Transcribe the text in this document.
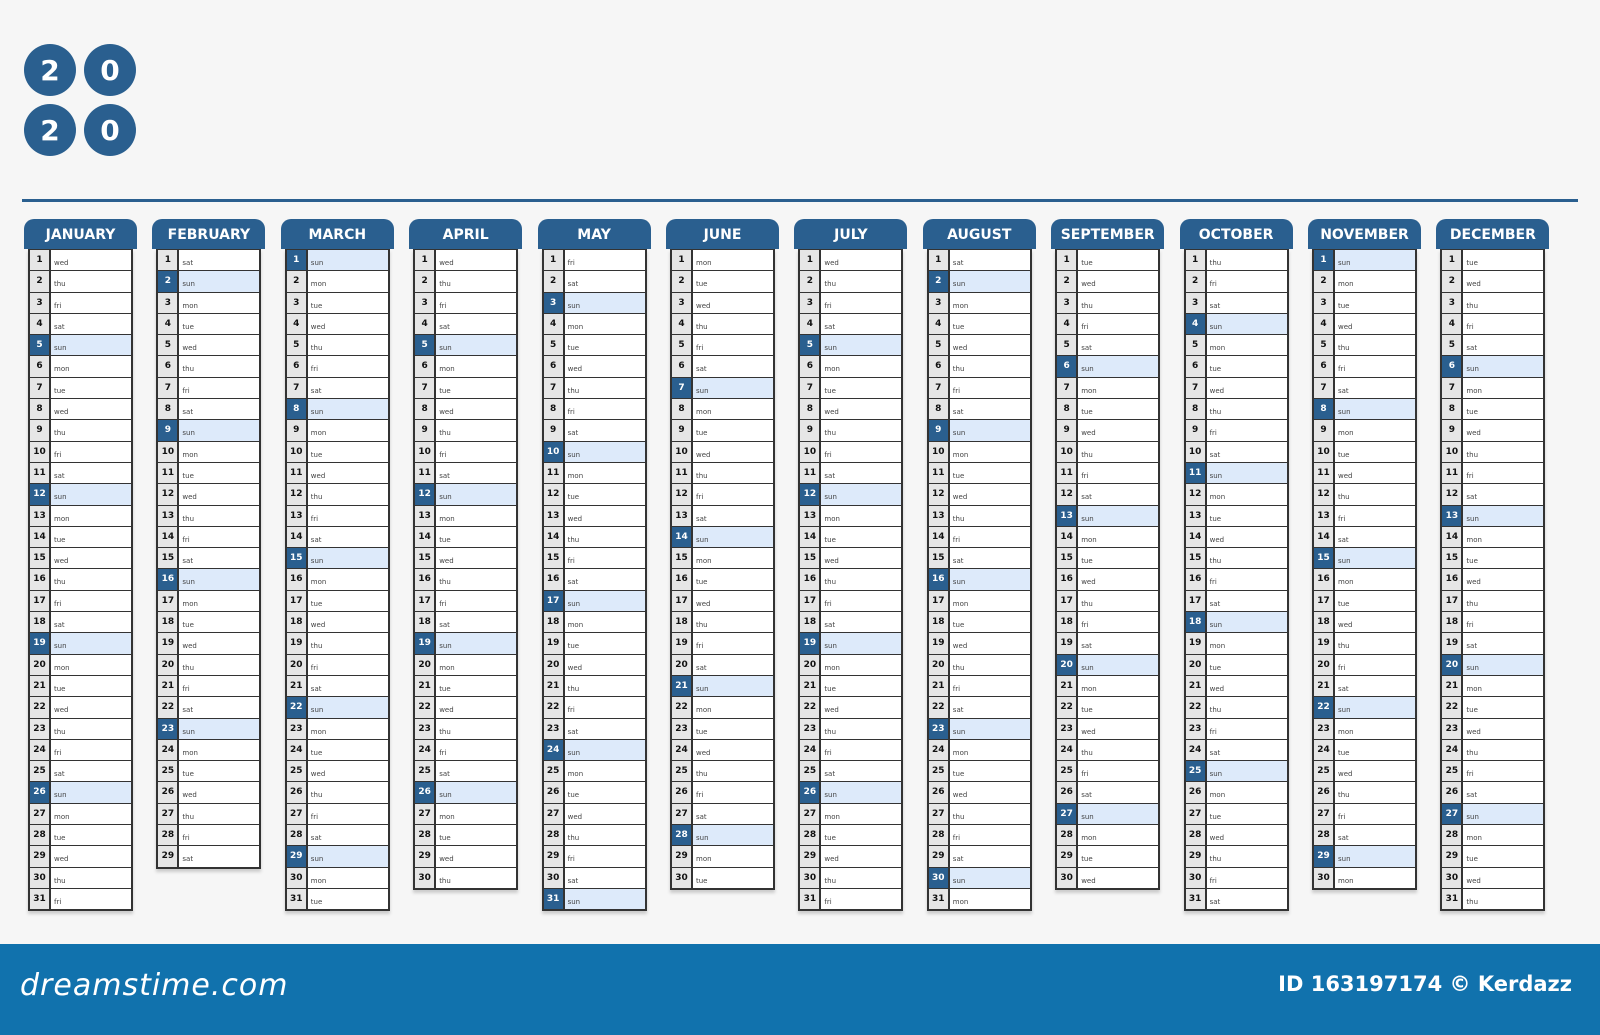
2	0
2	0
JANUARY
1	wed
2	thu
3	fri
4	sat
5	sun
6	mon
7	tue
8	wed
9	thu
10	fri
11	sat
12	sun
13	mon
14	tue
15	wed
16	thu
17	fri
18	sat
19	sun
20	mon
21	tue
22	wed
23	thu
24	fri
25	sat
26	sun
27	mon
28	tue
29	wed
30	thu
31	fri
FEBRUARY
1	sat
2	sun
3	mon
4	tue
5	wed
6	thu
7	fri
8	sat
9	sun
10	mon
11	tue
12	wed
13	thu
14	fri
15	sat
16	sun
17	mon
18	tue
19	wed
20	thu
21	fri
22	sat
23	sun
24	mon
25	tue
26	wed
27	thu
28	fri
29	sat
MARCH
1	sun
2	mon
3	tue
4	wed
5	thu
6	fri
7	sat
8	sun
9	mon
10	tue
11	wed
12	thu
13	fri
14	sat
15	sun
16	mon
17	tue
18	wed
19	thu
20	fri
21	sat
22	sun
23	mon
24	tue
25	wed
26	thu
27	fri
28	sat
29	sun
30	mon
31	tue
APRIL
1	wed
2	thu
3	fri
4	sat
5	sun
6	mon
7	tue
8	wed
9	thu
10	fri
11	sat
12	sun
13	mon
14	tue
15	wed
16	thu
17	fri
18	sat
19	sun
20	mon
21	tue
22	wed
23	thu
24	fri
25	sat
26	sun
27	mon
28	tue
29	wed
30	thu
MAY
1	fri
2	sat
3	sun
4	mon
5	tue
6	wed
7	thu
8	fri
9	sat
10	sun
11	mon
12	tue
13	wed
14	thu
15	fri
16	sat
17	sun
18	mon
19	tue
20	wed
21	thu
22	fri
23	sat
24	sun
25	mon
26	tue
27	wed
28	thu
29	fri
30	sat
31	sun
JUNE
1	mon
2	tue
3	wed
4	thu
5	fri
6	sat
7	sun
8	mon
9	tue
10	wed
11	thu
12	fri
13	sat
14	sun
15	mon
16	tue
17	wed
18	thu
19	fri
20	sat
21	sun
22	mon
23	tue
24	wed
25	thu
26	fri
27	sat
28	sun
29	mon
30	tue
JULY
1	wed
2	thu
3	fri
4	sat
5	sun
6	mon
7	tue
8	wed
9	thu
10	fri
11	sat
12	sun
13	mon
14	tue
15	wed
16	thu
17	fri
18	sat
19	sun
20	mon
21	tue
22	wed
23	thu
24	fri
25	sat
26	sun
27	mon
28	tue
29	wed
30	thu
31	fri
AUGUST
1	sat
2	sun
3	mon
4	tue
5	wed
6	thu
7	fri
8	sat
9	sun
10	mon
11	tue
12	wed
13	thu
14	fri
15	sat
16	sun
17	mon
18	tue
19	wed
20	thu
21	fri
22	sat
23	sun
24	mon
25	tue
26	wed
27	thu
28	fri
29	sat
30	sun
31	mon
SEPTEMBER
1	tue
2	wed
3	thu
4	fri
5	sat
6	sun
7	mon
8	tue
9	wed
10	thu
11	fri
12	sat
13	sun
14	mon
15	tue
16	wed
17	thu
18	fri
19	sat
20	sun
21	mon
22	tue
23	wed
24	thu
25	fri
26	sat
27	sun
28	mon
29	tue
30	wed
OCTOBER
1	thu
2	fri
3	sat
4	sun
5	mon
6	tue
7	wed
8	thu
9	fri
10	sat
11	sun
12	mon
13	tue
14	wed
15	thu
16	fri
17	sat
18	sun
19	mon
20	tue
21	wed
22	thu
23	fri
24	sat
25	sun
26	mon
27	tue
28	wed
29	thu
30	fri
31	sat
NOVEMBER
1	sun
2	mon
3	tue
4	wed
5	thu
6	fri
7	sat
8	sun
9	mon
10	tue
11	wed
12	thu
13	fri
14	sat
15	sun
16	mon
17	tue
18	wed
19	thu
20	fri
21	sat
22	sun
23	mon
24	tue
25	wed
26	thu
27	fri
28	sat
29	sun
30	mon
DECEMBER
1	tue
2	wed
3	thu
4	fri
5	sat
6	sun
7	mon
8	tue
9	wed
10	thu
11	fri
12	sat
13	sun
14	mon
15	tue
16	wed
17	thu
18	fri
19	sat
20	sun
21	mon
22	tue
23	wed
24	thu
25	fri
26	sat
27	sun
28	mon
29	tue
30	wed
31	thu
dreamstime.com	ID 163197174 © Kerdazz
